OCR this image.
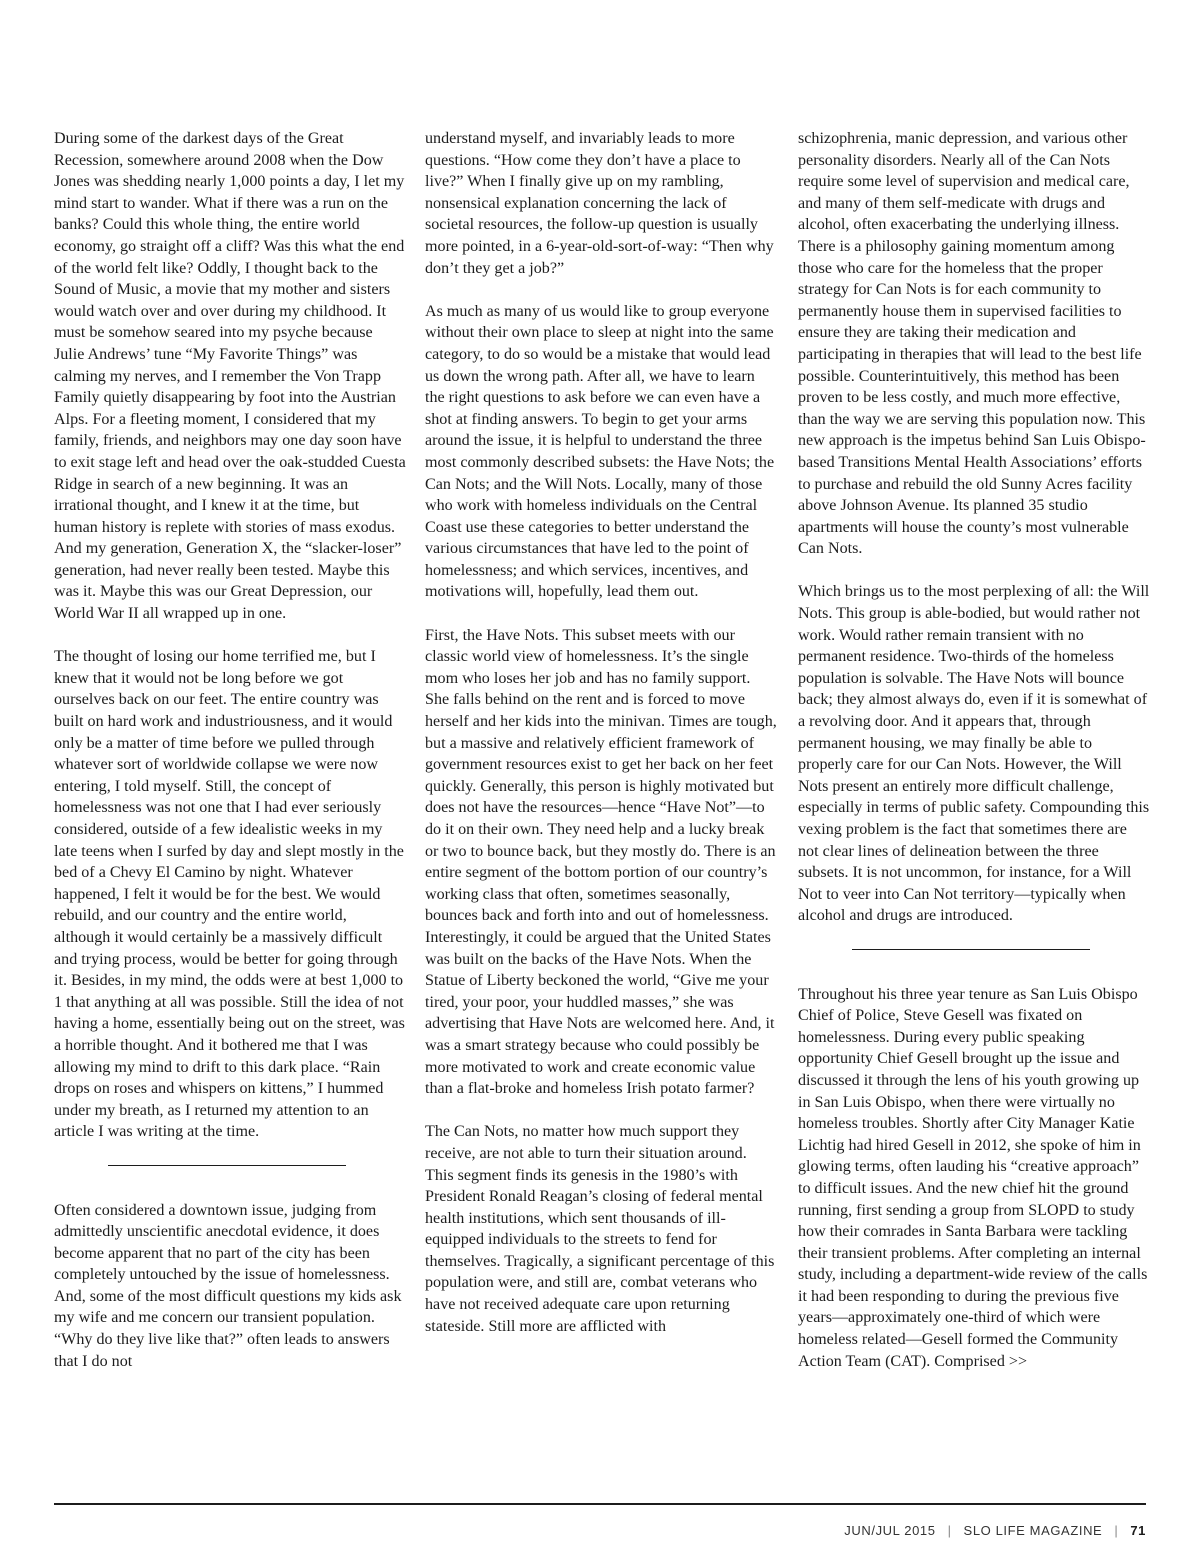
During some of the darkest days of the Great Recession, somewhere around 2008 when the Dow Jones was shedding nearly 1,000 points a day, I let my mind start to wander. What if there was a run on the banks? Could this whole thing, the entire world economy, go straight off a cliff? Was this what the end of the world felt like? Oddly, I thought back to the Sound of Music, a movie that my mother and sisters would watch over and over during my childhood. It must be somehow seared into my psyche because Julie Andrews’ tune “My Favorite Things” was calming my nerves, and I remember the Von Trapp Family quietly disappearing by foot into the Austrian Alps. For a fleeting moment, I considered that my family, friends, and neighbors may one day soon have to exit stage left and head over the oak-studded Cuesta Ridge in search of a new beginning. It was an irrational thought, and I knew it at the time, but human history is replete with stories of mass exodus. And my generation, Generation X, the “slacker-loser” generation, had never really been tested. Maybe this was it. Maybe this was our Great Depression, our World War II all wrapped up in one.

The thought of losing our home terrified me, but I knew that it would not be long before we got ourselves back on our feet. The entire country was built on hard work and industriousness, and it would only be a matter of time before we pulled through whatever sort of worldwide collapse we were now entering, I told myself. Still, the concept of homelessness was not one that I had ever seriously considered, outside of a few idealistic weeks in my late teens when I surfed by day and slept mostly in the bed of a Chevy El Camino by night. Whatever happened, I felt it would be for the best. We would rebuild, and our country and the entire world, although it would certainly be a massively difficult and trying process, would be better for going through it. Besides, in my mind, the odds were at best 1,000 to 1 that anything at all was possible. Still the idea of not having a home, essentially being out on the street, was a horrible thought. And it bothered me that I was allowing my mind to drift to this dark place. “Rain drops on roses and whispers on kittens,” I hummed under my breath, as I returned my attention to an article I was writing at the time.

Often considered a downtown issue, judging from admittedly unscientific anecdotal evidence, it does become apparent that no part of the city has been completely untouched by the issue of homelessness. And, some of the most difficult questions my kids ask my wife and me concern our transient population. “Why do they live like that?” often leads to answers that I do not

understand myself, and invariably leads to more questions. “How come they don’t have a place to live?” When I finally give up on my rambling, nonsensical explanation concerning the lack of societal resources, the follow-up question is usually more pointed, in a 6-year-old-sort-of-way: “Then why don’t they get a job?”

As much as many of us would like to group everyone without their own place to sleep at night into the same category, to do so would be a mistake that would lead us down the wrong path. After all, we have to learn the right questions to ask before we can even have a shot at finding answers. To begin to get your arms around the issue, it is helpful to understand the three most commonly described subsets: the Have Nots; the Can Nots; and the Will Nots. Locally, many of those who work with homeless individuals on the Central Coast use these categories to better understand the various circumstances that have led to the point of homelessness; and which services, incentives, and motivations will, hopefully, lead them out.

First, the Have Nots. This subset meets with our classic world view of homelessness. It’s the single mom who loses her job and has no family support. She falls behind on the rent and is forced to move herself and her kids into the minivan. Times are tough, but a massive and relatively efficient framework of government resources exist to get her back on her feet quickly. Generally, this person is highly motivated but does not have the resources—hence “Have Not”—to do it on their own. They need help and a lucky break or two to bounce back, but they mostly do. There is an entire segment of the bottom portion of our country’s working class that often, sometimes seasonally, bounces back and forth into and out of homelessness. Interestingly, it could be argued that the United States was built on the backs of the Have Nots. When the Statue of Liberty beckoned the world, “Give me your tired, your poor, your huddled masses,” she was advertising that Have Nots are welcomed here. And, it was a smart strategy because who could possibly be more motivated to work and create economic value than a flat-broke and homeless Irish potato farmer?

The Can Nots, no matter how much support they receive, are not able to turn their situation around. This segment finds its genesis in the 1980’s with President Ronald Reagan’s closing of federal mental health institutions, which sent thousands of ill-equipped individuals to the streets to fend for themselves. Tragically, a significant percentage of this population were, and still are, combat veterans who have not received adequate care upon returning stateside. Still more are afflicted with

schizophrenia, manic depression, and various other personality disorders. Nearly all of the Can Nots require some level of supervision and medical care, and many of them self-medicate with drugs and alcohol, often exacerbating the underlying illness. There is a philosophy gaining momentum among those who care for the homeless that the proper strategy for Can Nots is for each community to permanently house them in supervised facilities to ensure they are taking their medication and participating in therapies that will lead to the best life possible. Counterintuitively, this method has been proven to be less costly, and much more effective, than the way we are serving this population now. This new approach is the impetus behind San Luis Obispo-based Transitions Mental Health Associations’ efforts to purchase and rebuild the old Sunny Acres facility above Johnson Avenue. Its planned 35 studio apartments will house the county’s most vulnerable Can Nots.

Which brings us to the most perplexing of all: the Will Nots. This group is able-bodied, but would rather not work. Would rather remain transient with no permanent residence. Two-thirds of the homeless population is solvable. The Have Nots will bounce back; they almost always do, even if it is somewhat of a revolving door. And it appears that, through permanent housing, we may finally be able to properly care for our Can Nots. However, the Will Nots present an entirely more difficult challenge, especially in terms of public safety. Compounding this vexing problem is the fact that sometimes there are not clear lines of delineation between the three subsets. It is not uncommon, for instance, for a Will Not to veer into Can Not territory—typically when alcohol and drugs are introduced.

Throughout his three year tenure as San Luis Obispo Chief of Police, Steve Gesell was fixated on homelessness. During every public speaking opportunity Chief Gesell brought up the issue and discussed it through the lens of his youth growing up in San Luis Obispo, when there were virtually no homeless troubles. Shortly after City Manager Katie Lichtig had hired Gesell in 2012, she spoke of him in glowing terms, often lauding his “creative approach” to difficult issues. And the new chief hit the ground running, first sending a group from SLOPD to study how their comrades in Santa Barbara were tackling their transient problems. After completing an internal study, including a department-wide review of the calls it had been responding to during the previous five years—approximately one-third of which were homeless related—Gesell formed the Community Action Team (CAT). Comprised >>

JUN/JUL 2015 | SLO LIFE MAGAZINE | 71
